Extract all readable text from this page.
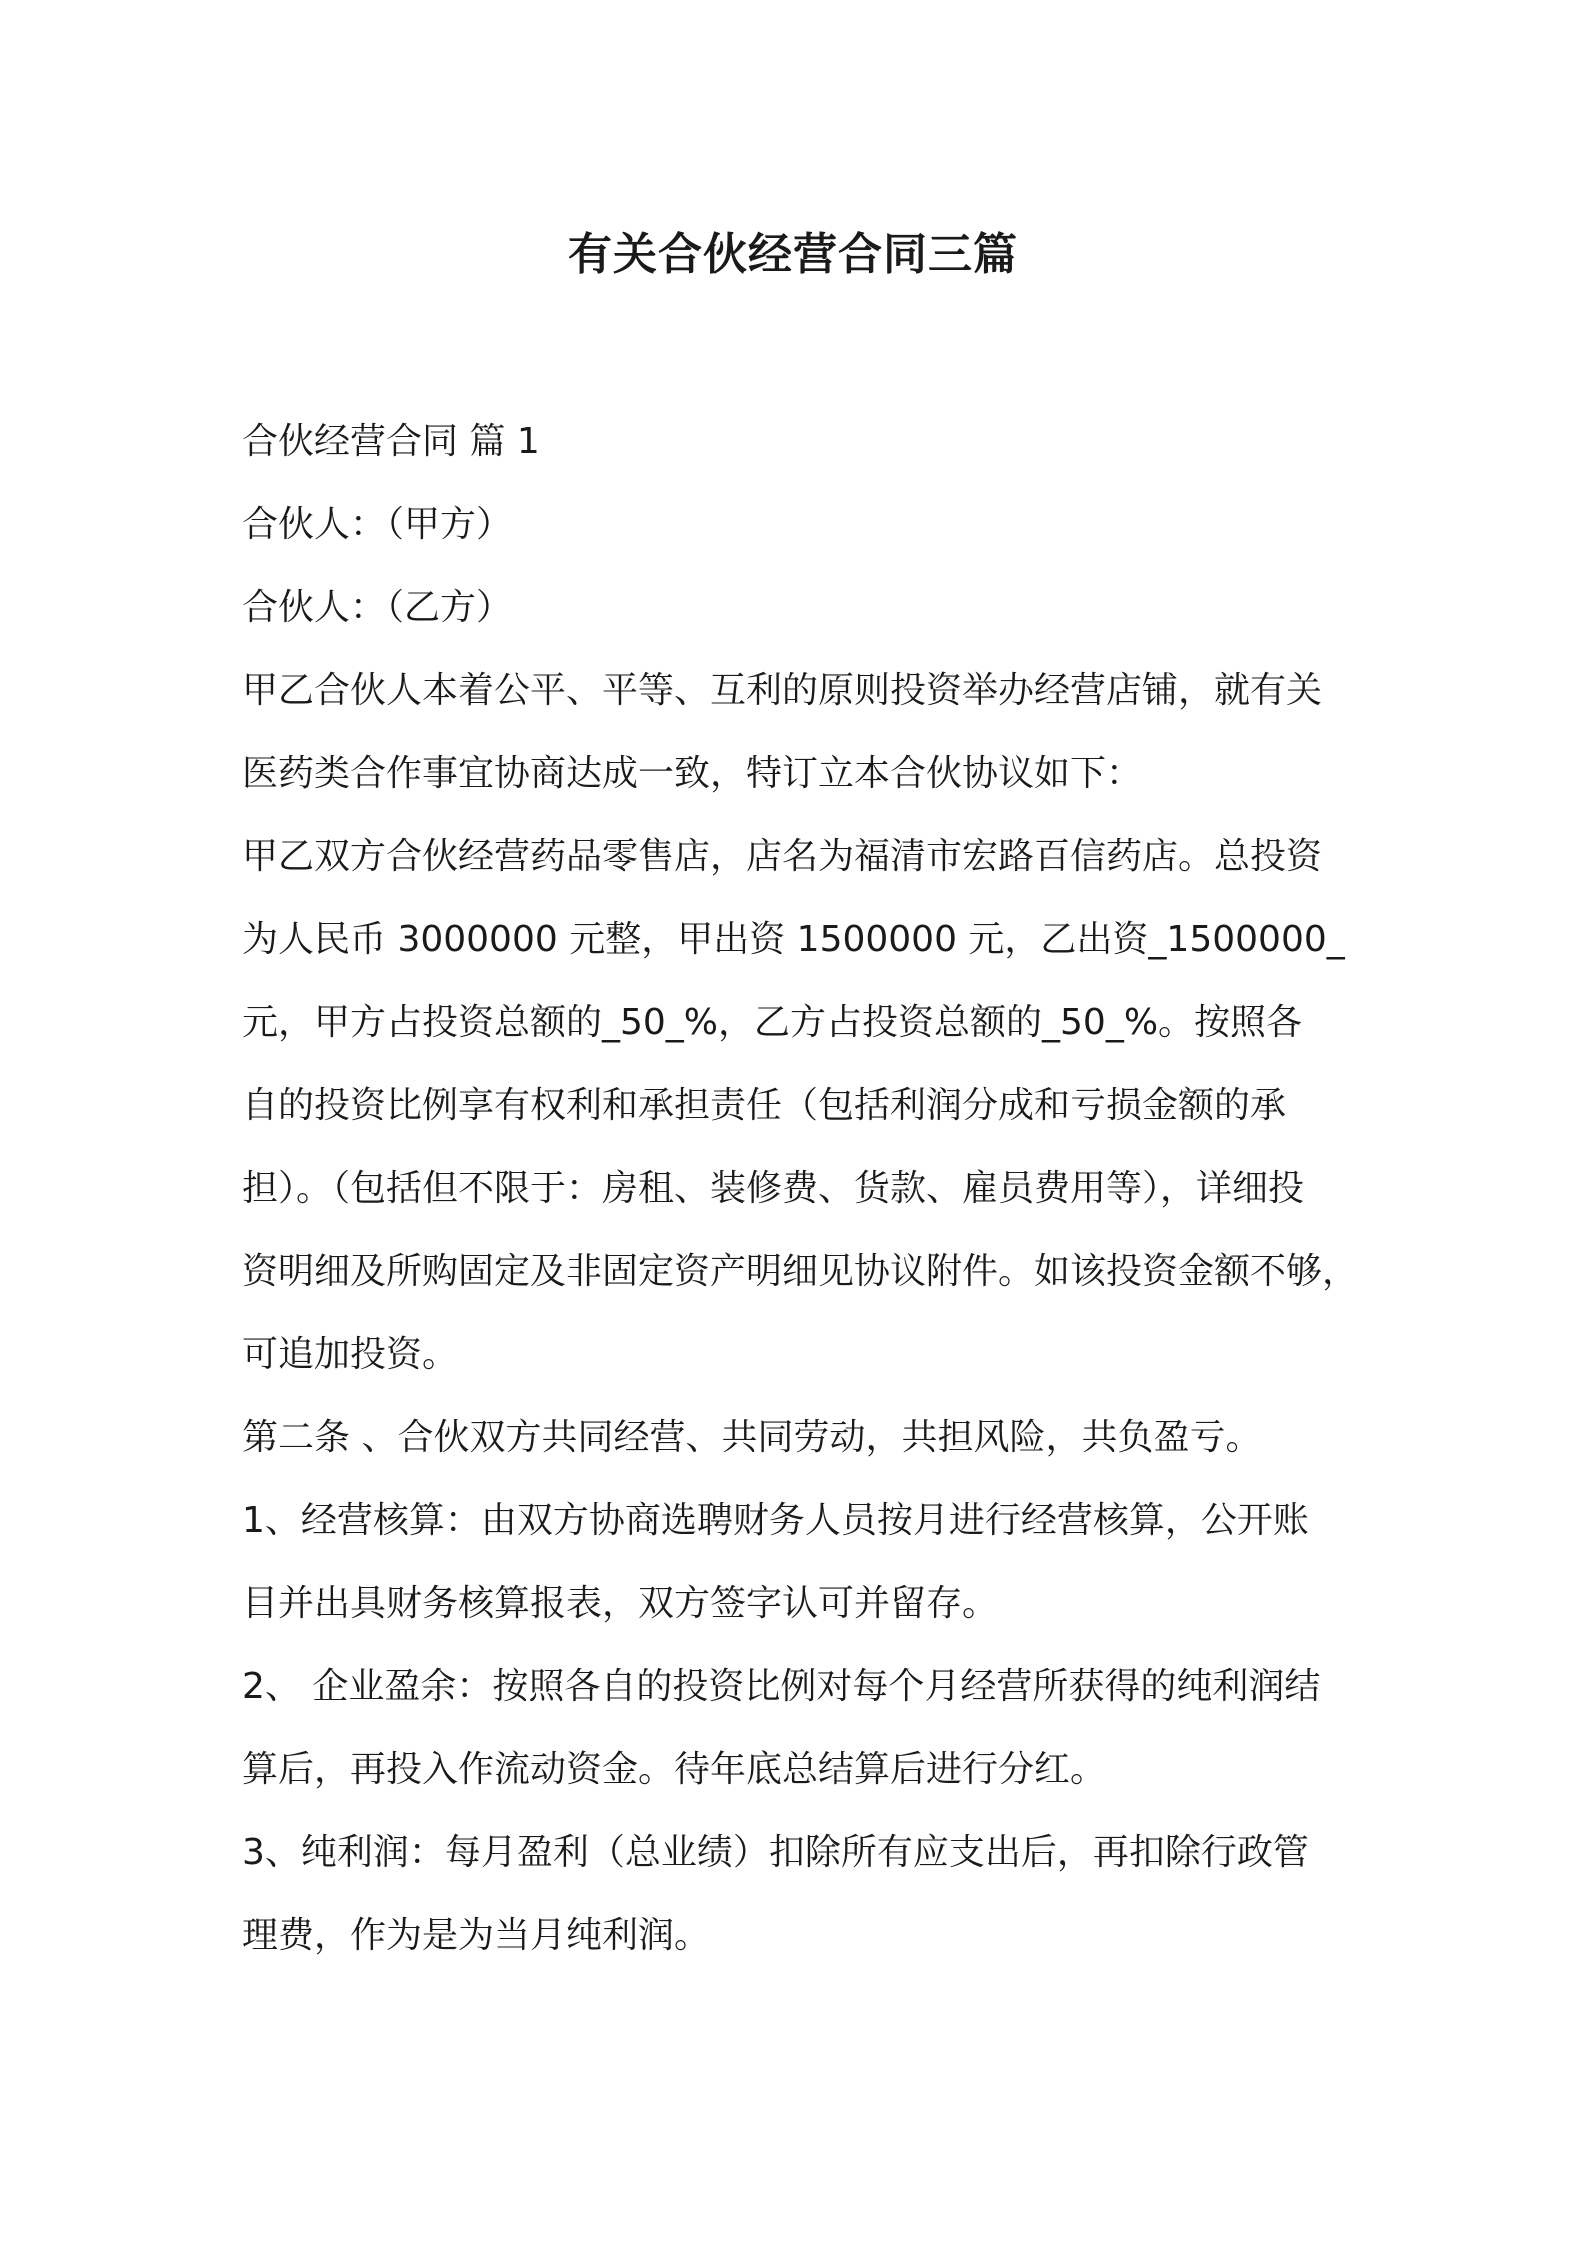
有关合伙经营合同三篇

合伙经营合同 篇 1

合伙人：（甲方）

合伙人：（乙方）

甲乙合伙人本着公平、平等、互利的原则投资举办经营店铺，就有关

医药类合作事宜协商达成一致，特订立本合伙协议如下：

甲乙双方合伙经营药品零售店，店名为福清市宏路百信药店。总投资

为人民币 3000000 元整，甲出资 1500000 元，乙出资_1500000_

元，甲方占投资总额的_50_%，乙方占投资总额的_50_%。按照各

自的投资比例享有权利和承担责任（包括利润分成和亏损金额的承

担）。（包括但不限于：房租、装修费、货款、雇员费用等），详细投

资明细及所购固定及非固定资产明细见协议附件。如该投资金额不够，

可追加投资。

第二条 、合伙双方共同经营、共同劳动，共担风险，共负盈亏。

1、经营核算：由双方协商选聘财务人员按月进行经营核算，公开账

目并出具财务核算报表，双方签字认可并留存。

2、 企业盈余：按照各自的投资比例对每个月经营所获得的纯利润结

算后，再投入作流动资金。待年底总结算后进行分红。

3、纯利润：每月盈利（总业绩）扣除所有应支出后，再扣除行政管

理费，作为是为当月纯利润。
